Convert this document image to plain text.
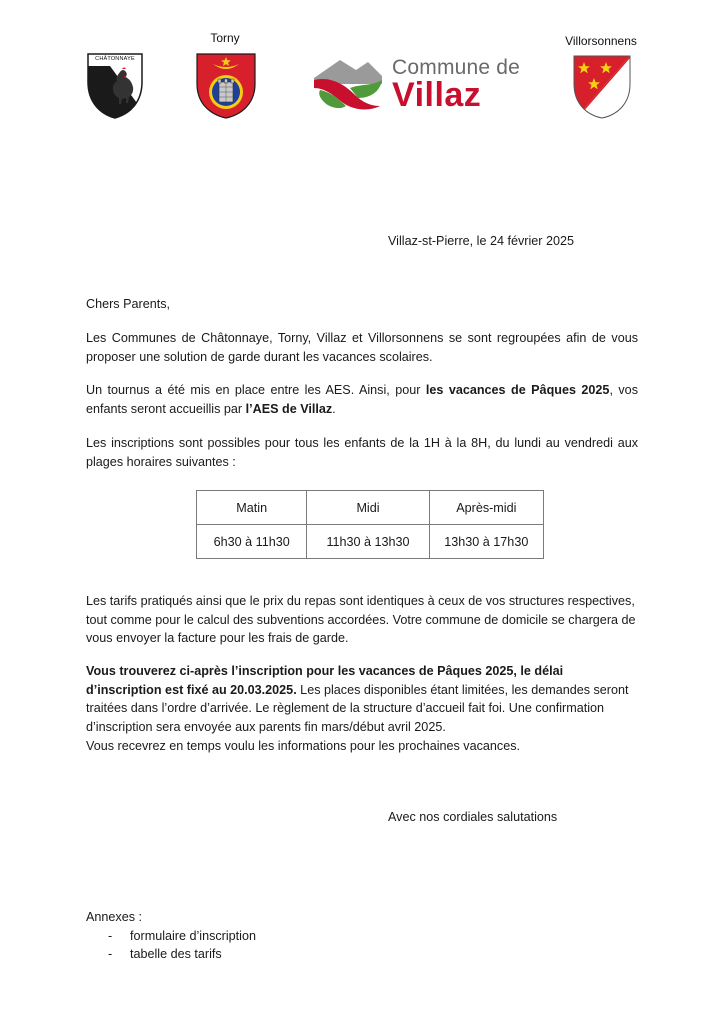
CHÂTONNAYE
Torny
Commune de
Villaz
Villorsonnens
Villaz-st-Pierre, le 24 février 2025
Chers Parents,

Les Communes de Châtonnaye, Torny, Villaz et Villorsonnens se sont regroupées afin de vous proposer une solution de garde durant les vacances scolaires.

Un tournus a été mis en place entre les AES. Ainsi, pour les vacances de Pâques 2025, vos enfants seront accueillis par l’AES de Villaz.

Les inscriptions sont possibles pour tous les enfants de la 1H à la 8H, du lundi au vendredi aux plages horaires suivantes :

Matin	Midi	Après-midi
6h30 à 11h30	11h30 à 13h30	13h30 à 17h30

Les tarifs pratiqués ainsi que le prix du repas sont identiques à ceux de vos structures respectives, tout comme pour le calcul des subventions accordées. Votre commune de domicile se chargera de vous envoyer la facture pour les frais de garde.

Vous trouverez ci-après l’inscription pour les vacances de Pâques 2025, le délai d’inscription est fixé au 20.03.2025. Les places disponibles étant limitées, les demandes seront traitées dans l’ordre d’arrivée. Le règlement de la structure d’accueil fait foi. Une confirmation d’inscription sera envoyée aux parents fin mars/début avril 2025.

Vous recevrez en temps voulu les informations pour les prochaines vacances.

Avec nos cordiales salutations
Annexes :
- formulaire d’inscription
- tabelle des tarifs
